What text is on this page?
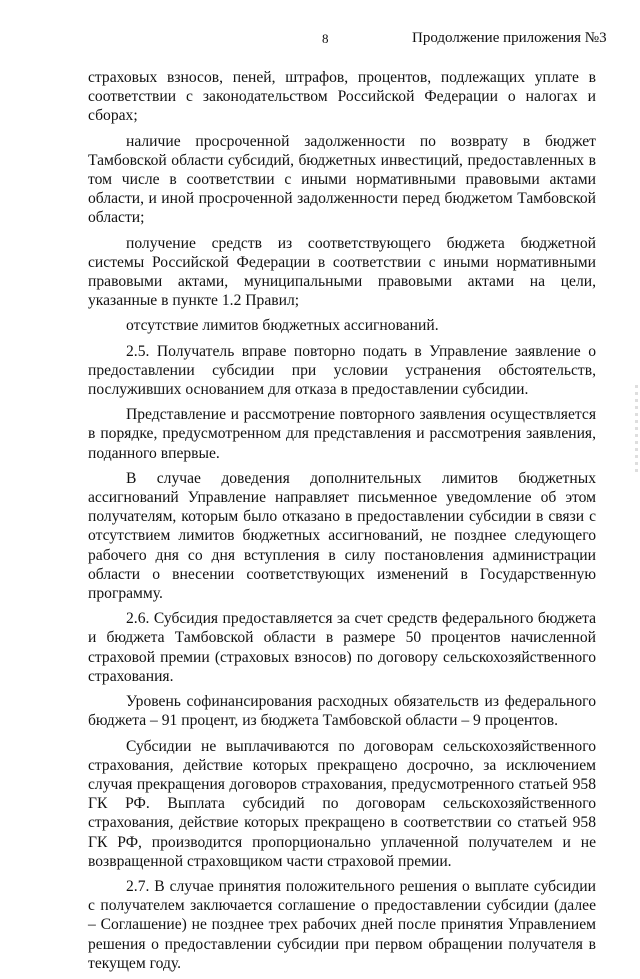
8	Продолжение приложения №3

страховых взносов, пеней, штрафов, процентов, подлежащих уплате в соответствии с законодательством Российской Федерации о налогах и сборах;

наличие просроченной задолженности по возврату в бюджет Тамбовской области субсидий, бюджетных инвестиций, предоставленных в том числе в соответствии с иными нормативными правовыми актами области, и иной просроченной задолженности перед бюджетом Тамбовской области;

получение средств из соответствующего бюджета бюджетной системы Российской Федерации в соответствии с иными нормативными правовыми актами, муниципальными правовыми актами на цели, указанные в пункте 1.2 Правил;

отсутствие лимитов бюджетных ассигнований.

2.5. Получатель вправе повторно подать в Управление заявление о предоставлении субсидии при условии устранения обстоятельств, послуживших основанием для отказа в предоставлении субсидии.

Представление и рассмотрение повторного заявления осуществляется в порядке, предусмотренном для представления и рассмотрения заявления, поданного впервые.

В случае доведения дополнительных лимитов бюджетных ассигнований Управление направляет письменное уведомление об этом получателям, которым было отказано в предоставлении субсидии в связи с отсутствием лимитов бюджетных ассигнований, не позднее следующего рабочего дня со дня вступления в силу постановления администрации области о внесении соответствующих изменений в Государственную программу.

2.6. Субсидия предоставляется за счет средств федерального бюджета и бюджета Тамбовской области в размере 50 процентов начисленной страховой премии (страховых взносов) по договору сельскохозяйственного страхования.

Уровень софинансирования расходных обязательств из федерального бюджета – 91 процент, из бюджета Тамбовской области – 9 процентов.

Субсидии не выплачиваются по договорам сельскохозяйственного страхования, действие которых прекращено досрочно, за исключением случая прекращения договоров страхования, предусмотренного статьей 958 ГК РФ. Выплата субсидий по договорам сельскохозяйственного страхования, действие которых прекращено в соответствии со статьей 958 ГК РФ, производится пропорционально уплаченной получателем и не возвращенной страховщиком части страховой премии.

2.7. В случае принятия положительного решения о выплате субсидии с получателем заключается соглашение о предоставлении субсидии (далее – Соглашение) не позднее трех рабочих дней после принятия Управлением решения о предоставлении субсидии при первом обращении получателя в текущем году.
